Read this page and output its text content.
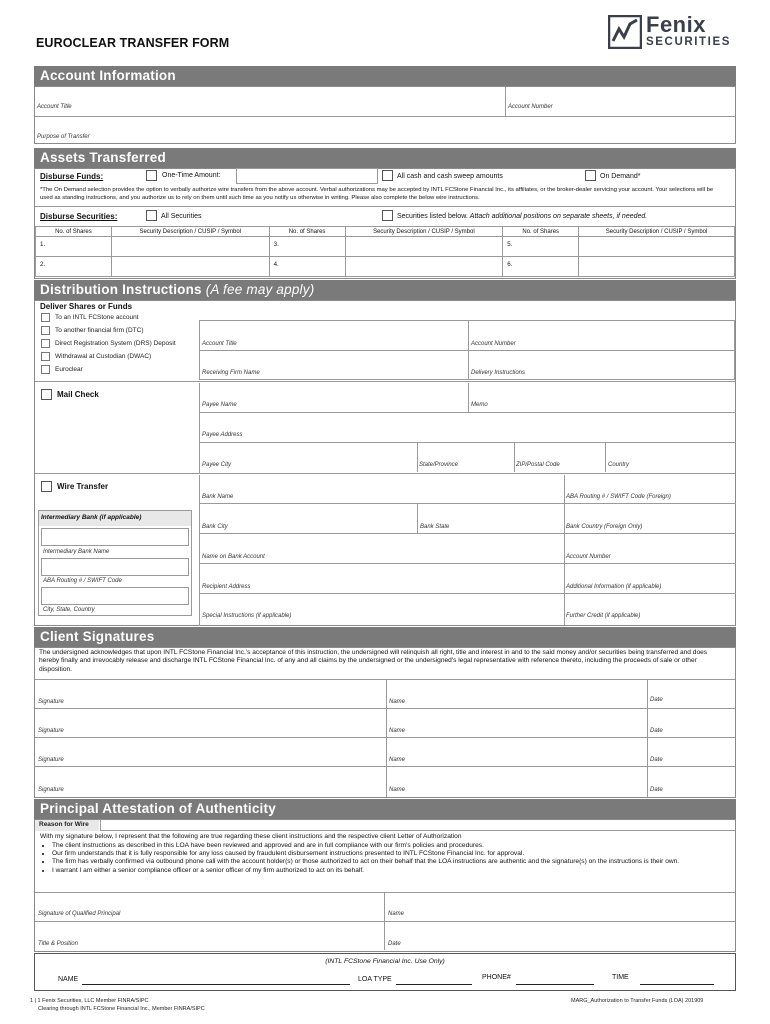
EUROCLEAR TRANSFER FORM
Fenix
SECURITIES
Account Information
Account Title	Account Number
Purpose of Transfer
Assets Transferred
Disburse Funds:	One-Time Amount:	All cash and cash sweep amounts	On Demand*
*The On Demand selection provides the option to verbally authorize wire transfers from the above account. Verbal authorizations may be accepted by INTL FCStone Financial Inc., its affiliates, or the broker-dealer servicing your account. Your selections will be used as standing instructions, and you authorize us to rely on them until such time as you notify us otherwise in writing. Please also complete the below wire instructions.
Disburse Securities:	All Securities	Securities listed below. Attach additional positions on separate sheets, if needed.
No. of Shares	Security Description / CUSIP / Symbol	No. of Shares	Security Description / CUSIP / Symbol	No. of Shares	Security Description / CUSIP / Symbol

1.		3.		5.	

2.		4.		6.	

Distribution Instructions (A fee may apply)
Deliver Shares or Funds
To an INTL FCStone account
To another financial firm (DTC)
Direct Registration System (DRS) Deposit
Withdrawal at Custodian (DWAC)
Euroclear
Account Title	Account Number
Receiving Firm Name	Delivery Instructions
Mail Check
Payee Name	Memo
Payee Address
Payee City	State/Province	ZIP/Postal Code	Country
Wire Transfer
Intermediary Bank (if applicable)
Intermediary Bank Name
ABA Routing # / SWIFT Code
City, State, Country
Bank Name	ABA Routing # / SWIFT Code (Foreign)
Bank City	Bank State	Bank Country (Foreign Only)
Name on Bank Account	Account Number
Recipient Address	Additional Information (if applicable)
Special Instructions (if applicable)	Further Credit (if applicable)
Client Signatures
The undersigned acknowledges that upon INTL FCStone Financial Inc.'s acceptance of this instruction, the undersigned will relinquish all right, title and interest in and to the said money and/or securities being transferred and does hereby finally and irrevocably release and discharge INTL FCStone Financial Inc. of any and all claims by the undersigned or the undersigned's legal representative with reference thereto, including the proceeds of sale or other disposition.
Signature	Name	Date
Signature	Name	Date
Signature	Name	Date
Signature	Name	Date
Principal Attestation of Authenticity
Reason for Wire
With my signature below, I represent that the following are true regarding these client instructions and the respective client Letter of Authorization
• The client instructions as described in this LOA have been reviewed and approved and are in full compliance with our firm's policies and procedures.
• Our firm understands that it is fully responsible for any loss caused by fraudulent disbursement instructions presented to INTL FCStone Financial Inc. for approval.
• The firm has verbally confirmed via outbound phone call with the account holder(s) or those authorized to act on their behalf that the LOA instructions are authentic and the signature(s) on the instructions is their own.
• I warrant I am either a senior compliance officer or a senior officer of my firm authorized to act on its behalf.
Signature of Qualified Principal	Name
Title & Position	Date
(INTL FCStone Financial Inc. Use Only)
NAME	LOA TYPE	PHONE#	TIME
1 | 1 Fenix Securities, LLC Member FINRA/SIPC
Clearing through INTL FCStone Financial Inc., Member FINRA/SIPC
MARG_Authorization to Transfer Funds (LOA) 201909
